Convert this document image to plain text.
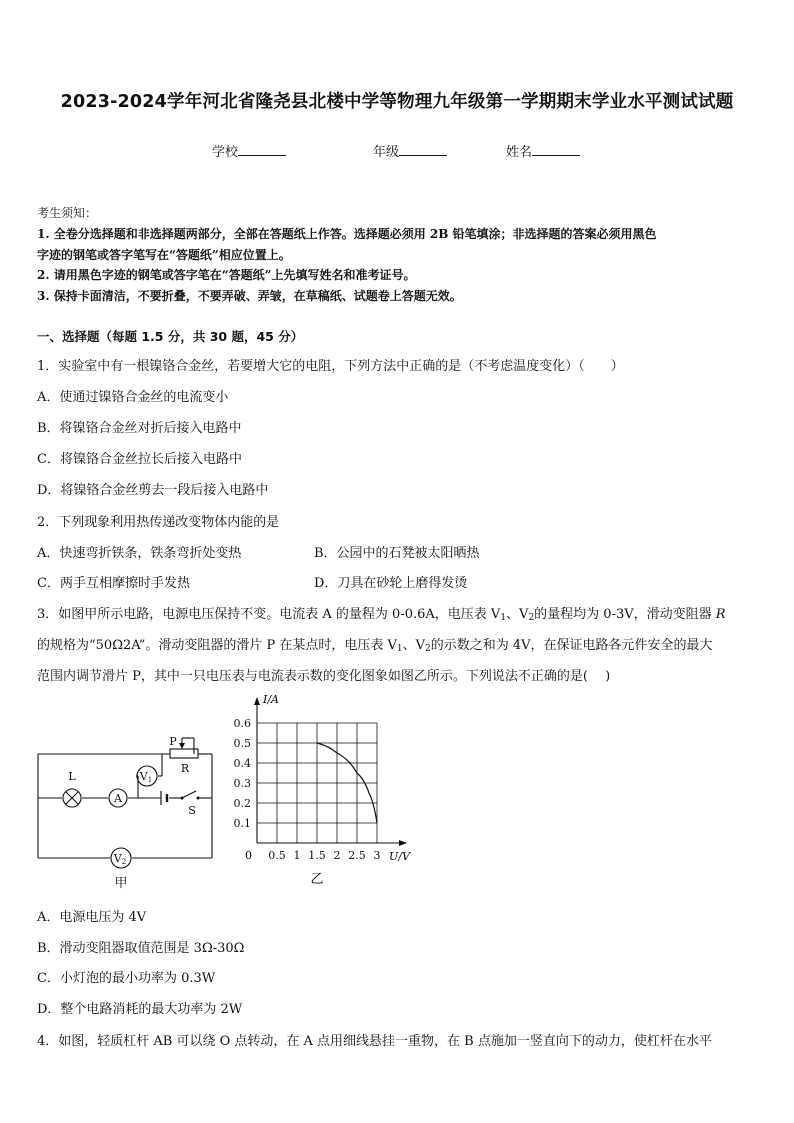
2023-2024学年河北省隆尧县北楼中学等物理九年级第一学期期末学业水平测试试题
学校	年级	姓名
考生须知：
1. 全卷分选择题和非选择题两部分，全部在答题纸上作答。选择题必须用 2B 铅笔填涂；非选择题的答案必须用黑色
字迹的钢笔或答字笔写在“答题纸”相应位置上。
2. 请用黑色字迹的钢笔或答字笔在“答题纸”上先填写姓名和准考证号。
3. 保持卡面清洁，不要折叠，不要弄破、弄皱，在草稿纸、试题卷上答题无效。
一、选择题（每题 1.5 分，共 30 题，45 分）
1．实验室中有一根镍铬合金丝，若要增大它的电阻，下列方法中正确的是（不考虑温度变化）（　　）
A．使通过镍铬合金丝的电流变小
B．将镍铬合金丝对折后接入电路中
C．将镍铬合金丝拉长后接入电路中
D．将镍铬合金丝剪去一段后接入电路中
2．下列现象利用热传递改变物体内能的是
A．快速弯折铁条，铁条弯折处变热	B．公园中的石凳被太阳晒热
C．两手互相摩擦时手发热	D．刀具在砂轮上磨得发烫
3．如图甲所示电路，电源电压保持不变。电流表 A 的量程为 0-0.6A，电压表 $V_1$、$V_2$的量程均为 0-3V，滑动变阻器 R
的规格为“50Ω2A”。滑动变阻器的滑片 P 在某点时，电压表 $V_1$、$V_2$的示数之和为 4V，在保证电路各元件安全的最大
范围内调节滑片 P，其中一只电压表与电流表示数的变化图象如图乙所示。下列说法不正确的是(　 )
P
R
L
A
V1
V2
S
甲
0.5 1 1.5 2 2.5 3
0.1
0.2
0.3
0.4
0.5
0.6
I/A
U/V
0
乙
A．电源电压为 4V
B．滑动变阻器取值范围是 3Ω-30Ω
C．小灯泡的最小功率为 0.3W
D．整个电路消耗的最大功率为 2W
4．如图，轻质杠杆 AB 可以绕 O 点转动，在 A 点用细线悬挂一重物，在 B 点施加一竖直向下的动力，使杠杆在水平
